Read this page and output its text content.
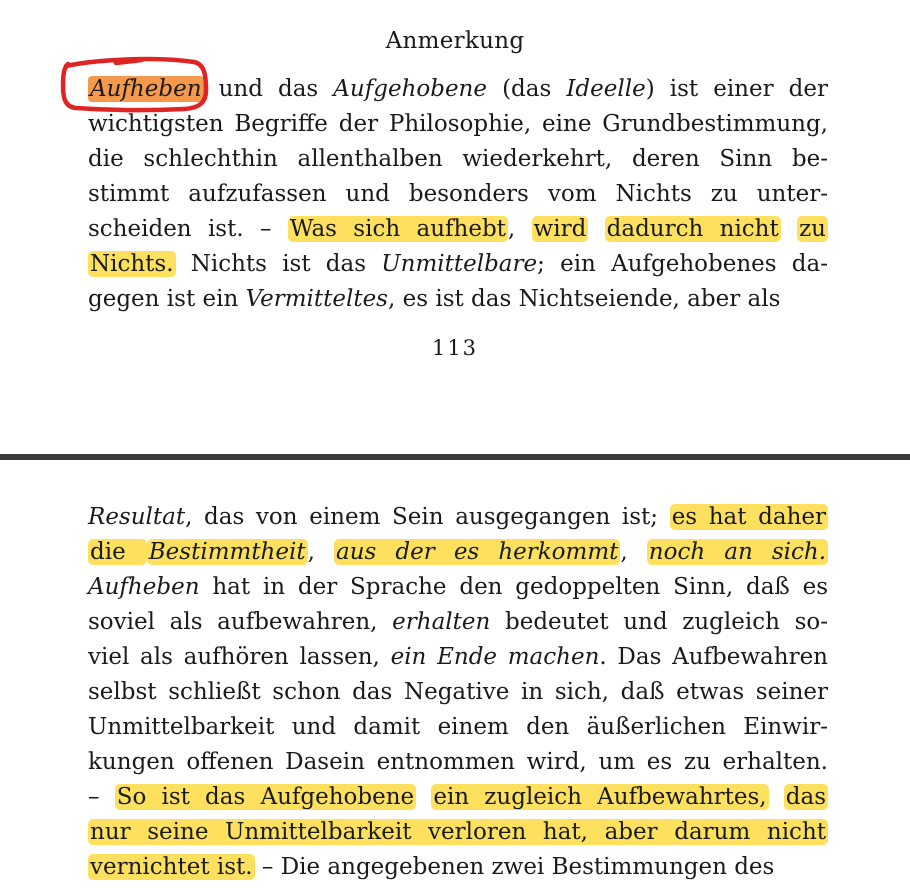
Anmerkung
Aufheben
und das Aufgehobene (das Ideelle) ist einer der
wichtigsten Begriffe der Philosophie, eine Grundbestimmung,
die schlechthin allenthalben wiederkehrt, deren Sinn be-
stimmt aufzufassen und besonders vom Nichts zu unter-
scheiden ist. – Was sich aufhebt, wird dadurch nicht zu
Nichts. Nichts ist das Unmittelbare; ein Aufgehobenes da-
gegen ist ein Vermitteltes, es ist das Nichtseiende, aber als
113
Resultat, das von einem Sein ausgegangen ist; es hat daher
die Bestimmtheit, aus der es herkommt, noch an sich.
Aufheben hat in der Sprache den gedoppelten Sinn, daß es
soviel als aufbewahren, erhalten bedeutet und zugleich so-
viel als aufhören lassen, ein Ende machen. Das Aufbewahren
selbst schließt schon das Negative in sich, daß etwas seiner
Unmittelbarkeit und damit einem den äußerlichen Einwir-
kungen offenen Dasein entnommen wird, um es zu erhalten.
– So ist das Aufgehobene ein zugleich Aufbewahrtes, das
nur seine Unmittelbarkeit verloren hat, aber darum nicht
vernichtet ist. – Die angegebenen zwei Bestimmungen des
